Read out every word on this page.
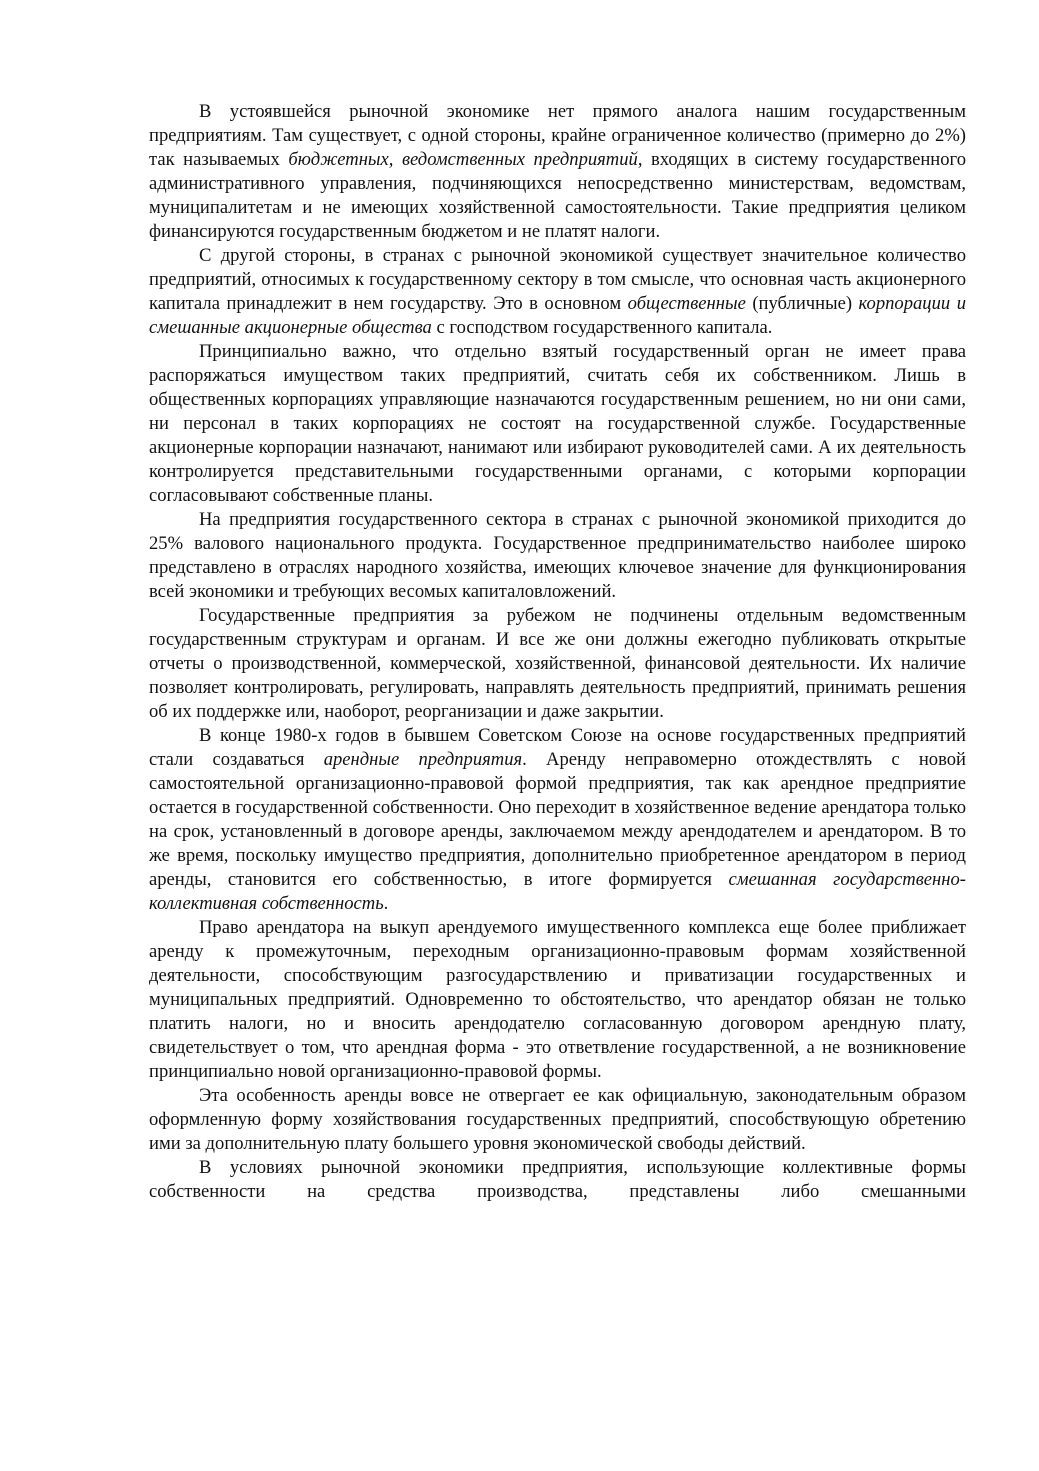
В устоявшейся рыночной экономике нет прямого аналога нашим государственным предприятиям. Там существует, с одной стороны, крайне ограниченное количество (примерно до 2%) так называемых бюджетных, ведомственных предприятий, входящих в систему государственного административного управления, подчиняющихся непосредственно министерствам, ведомствам, муниципалитетам и не имеющих хозяйственной самостоятельности. Такие предприятия целиком финансируются государственным бюджетом и не платят налоги.

С другой стороны, в странах с рыночной экономикой существует значительное количество предприятий, относимых к государственному сектору в том смысле, что основная часть акционерного капитала принадлежит в нем государству. Это в основном общественные (публичные) корпорации и смешанные акционерные общества с господством государственного капитала.

Принципиально важно, что отдельно взятый государственный орган не имеет права распоряжаться имуществом таких предприятий, считать себя их собственником. Лишь в общественных корпорациях управляющие назначаются государственным решением, но ни они сами, ни персонал в таких корпорациях не состоят на государственной службе. Государственные акционерные корпорации назначают, нанимают или избирают руководителей сами. А их деятельность контролируется представительными государственными органами, с которыми корпорации согласовывают собственные планы.

На предприятия государственного сектора в странах с рыночной экономикой приходится до 25% валового национального продукта. Государственное предпринимательство наиболее широко представлено в отраслях народного хозяйства, имеющих ключевое значение для функционирования всей экономики и требующих весомых капиталовложений.

Государственные предприятия за рубежом не подчинены отдельным ведомственным государственным структурам и органам. И все же они должны ежегодно публиковать открытые отчеты о производственной, коммерческой, хозяйственной, финансовой деятельности. Их наличие позволяет контролировать, регулировать, направлять деятельность предприятий, принимать решения об их поддержке или, наоборот, реорганизации и даже закрытии.

В конце 1980-х годов в бывшем Советском Союзе на основе государственных предприятий стали создаваться арендные предприятия. Аренду неправомерно отождествлять с новой самостоятельной организационно-правовой формой предприятия, так как арендное предприятие остается в государственной собственности. Оно переходит в хозяйственное ведение арендатора только на срок, установленный в договоре аренды, заключаемом между арендодателем и арендатором. В то же время, поскольку имущество предприятия, дополнительно приобретенное арендатором в период аренды, становится его собственностью, в итоге формируется смешанная государственно-коллективная собственность.

Право арендатора на выкуп арендуемого имущественного комплекса еще более приближает аренду к промежуточным, переходным организационно-правовым формам хозяйственной деятельности, способствующим разгосударствлению и приватизации государственных и муниципальных предприятий. Одновременно то обстоятельство, что арендатор обязан не только платить налоги, но и вносить арендодателю согласованную договором арендную плату, свидетельствует о том, что арендная форма - это ответвление государственной, а не возникновение принципиально новой организационно-правовой формы.

Эта особенность аренды вовсе не отвергает ее как официальную, законодательным образом оформленную форму хозяйствования государственных предприятий, способствующую обретению ими за дополнительную плату большего уровня экономической свободы действий.

В условиях рыночной экономики предприятия, использующие коллективные формы собственности на средства производства, представлены либо смешанными
